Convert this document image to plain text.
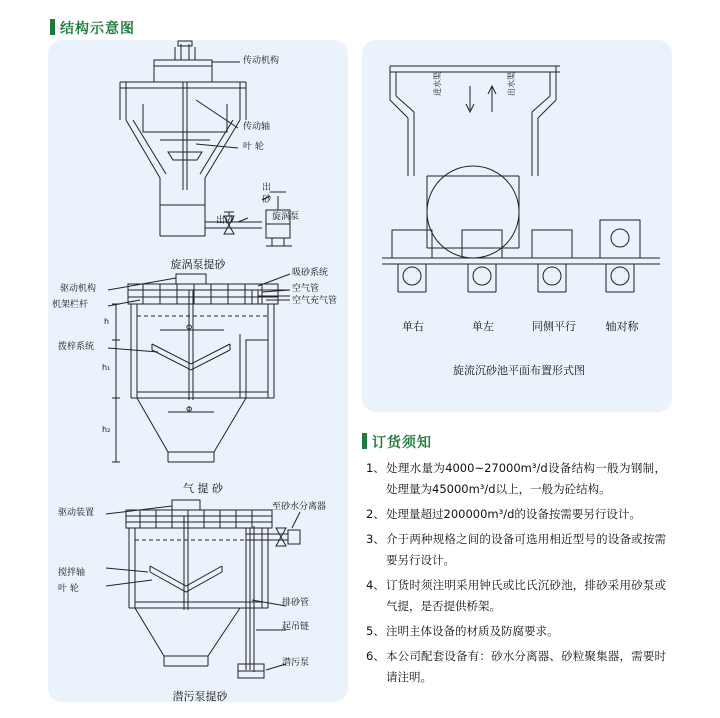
结构示意图
订货须知
传动机构
传动轴
叶 轮
出
砂
出砂	旋涡泵
旋涡泵提砂
驱动机构
机架栏杆
拨梓系统
吸砂系统
空气管
空气充气管
h
h₁
h₂
Φ
Φ
气 提 砂
驱动装置
搅拌轴
叶 轮
至砂水分离器
排砂管
起吊链
潜污泵
潜污泵提砂
进水渠	出水渠
单右	单左	同侧平行	轴对称
旋流沉砂池平面布置形式图
1、 处理水量为4000~27000m³/d设备结构一般为钢制，处理量为45000m³/d以上，一般为砼结构。
2、 处理量超过200000m³/d的设备按需要另行设计。
3、 介于两种规格之间的设备可选用相近型号的设备或按需要另行设计。
4、 订货时须注明采用钟氏或比氏沉砂池，排砂采用砂泵或气提，是否提供桥架。
5、 注明主体设备的材质及防腐要求。
6、 本公司配套设备有：砂水分离器、砂粒聚集器，需要时请注明。
